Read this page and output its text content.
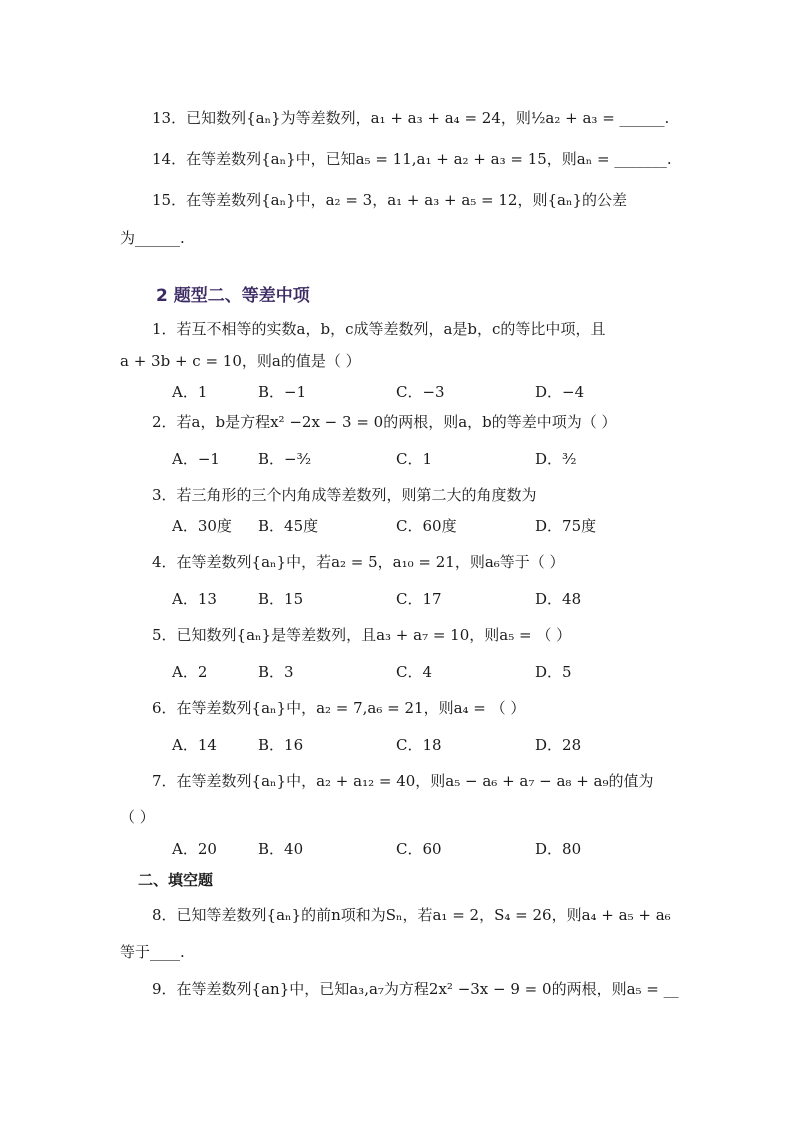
13．已知数列{aₙ}为等差数列，a₁ + a₃ + a₄ = 24，则½a₂ + a₃ = ______.
14．在等差数列{aₙ}中，已知a₅ = 11,a₁ + a₂ + a₃ = 15，则aₙ = _______.
15．在等差数列{aₙ}中，a₂ = 3，a₁ + a₃ + a₅ = 12，则{aₙ}的公差
为______.
2 题型二、等差中项
1．若互不相等的实数a，b，c成等差数列，a是b，c的等比中项，且
a + 3b + c = 10，则a的值是（ ）
A．1	B．−1	C．−3	D．−4
2．若a，b是方程x² −2x − 3 = 0的两根，则a，b的等差中项为（ ）
A．−1	B．−³⁄₂	C．1	D．³⁄₂
3．若三角形的三个内角成等差数列，则第二大的角度数为
A．30度 B．45度	C．60度	D．75度
4．在等差数列{aₙ}中，若a₂ = 5，a₁₀ = 21，则a₆等于（ ）
A．13	B．15	C．17	D．48
5．已知数列{aₙ}是等差数列，且a₃ + a₇ = 10，则a₅ = （ ）
A．2	B．3	C．4	D．5
6．在等差数列{aₙ}中，a₂ = 7,a₆ = 21，则a₄ = （ ）
A．14	B．16	C．18	D．28
7．在等差数列{aₙ}中，a₂ + a₁₂ = 40，则a₅ − a₆ + a₇ − a₈ + a₉的值为
（ ）
A．20	B．40	C．60	D．80
二、填空题
8．已知等差数列{aₙ}的前n项和为Sₙ，若a₁ = 2，S₄ = 26，则a₄ + a₅ + a₆
等于____.
9．在等差数列{an}中，已知a₃,a₇为方程2x² −3x − 9 = 0的两根，则a₅ = __
